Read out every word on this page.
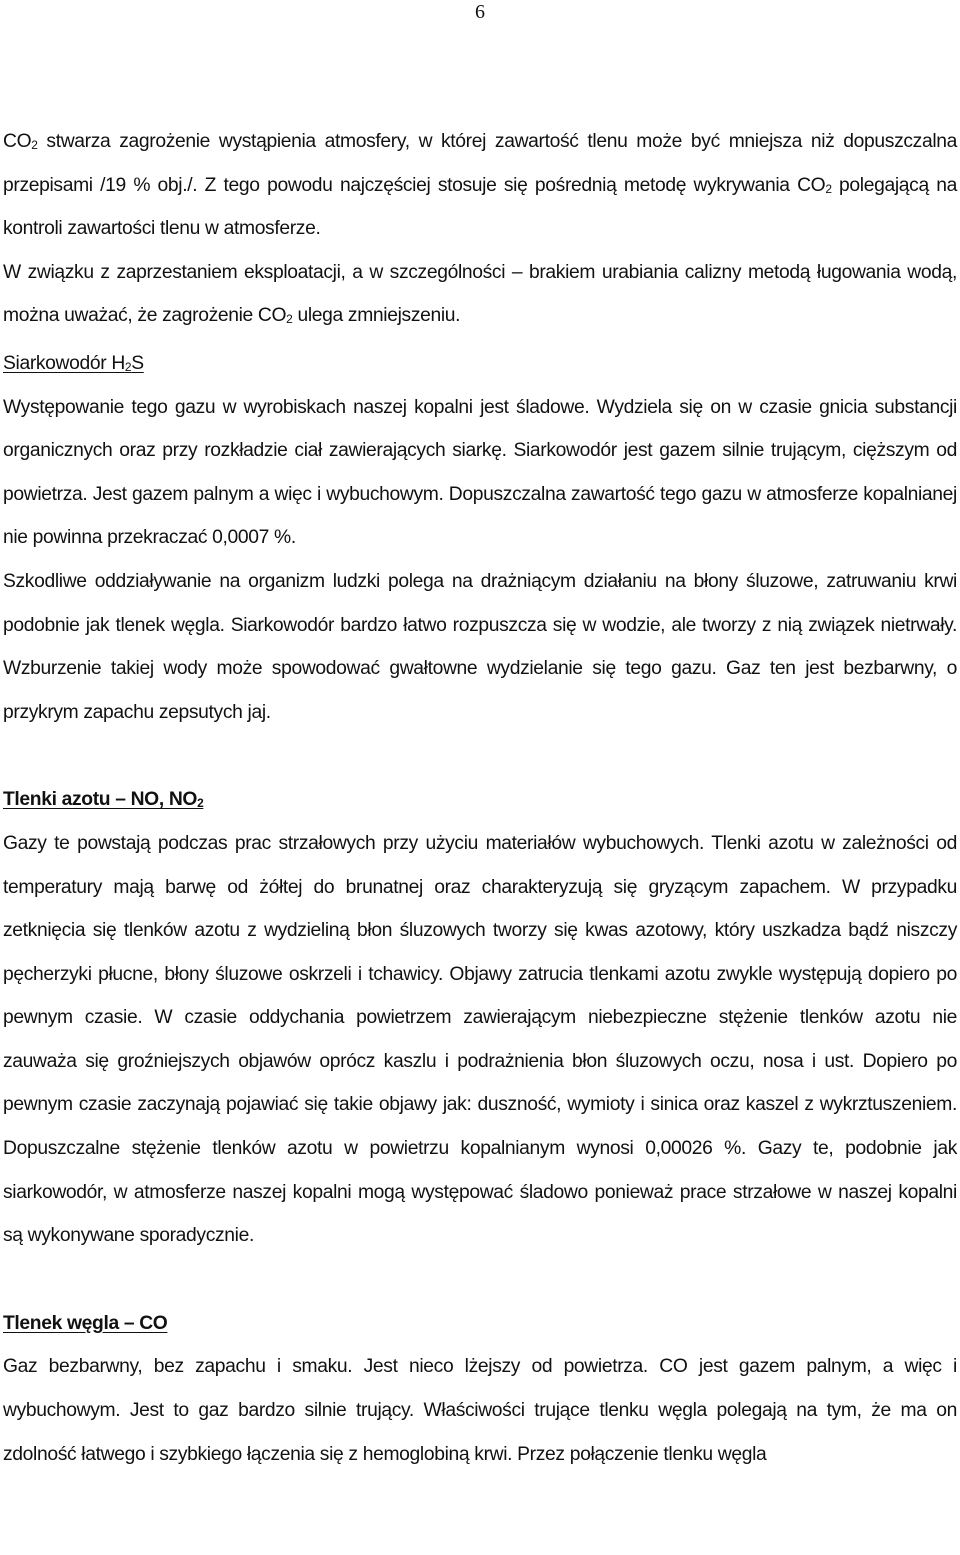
6

$CO_2$ stwarza zagrożenie wystąpienia atmosfery, w której zawartość tlenu może być mniejsza niż dopuszczalna przepisami /19 % obj./. Z tego powodu najczęściej stosuje się pośrednią metodę wykrywania $CO_2$ polegającą na kontroli zawartości tlenu w atmosferze.

W związku z zaprzestaniem eksploatacji, a w szczególności – brakiem urabiania calizny metodą ługowania wodą, można uważać, że zagrożenie $CO_2$ ulega zmniejszeniu.

Siarkowodór $H_2S$

Występowanie tego gazu w wyrobiskach naszej kopalni jest śladowe. Wydziela się on w czasie gnicia substancji organicznych oraz przy rozkładzie ciał zawierających siarkę. Siarkowodór jest gazem silnie trującym, cięższym od powietrza. Jest gazem palnym a więc i wybuchowym. Dopuszczalna zawartość tego gazu w atmosferze kopalnianej nie powinna przekraczać 0,0007 %.

Szkodliwe oddziaływanie na organizm ludzki polega na drażniącym działaniu na błony śluzowe, zatruwaniu krwi podobnie jak tlenek węgla. Siarkowodór bardzo łatwo rozpuszcza się w wodzie, ale tworzy z nią związek nietrwały. Wzburzenie takiej wody może spowodować gwałtowne wydzielanie się tego gazu. Gaz ten jest bezbarwny, o przykrym zapachu zepsutych jaj.

Tlenki azotu – NO, $NO_2$

Gazy te powstają podczas prac strzałowych przy użyciu materiałów wybuchowych. Tlenki azotu w zależności od temperatury mają barwę od żółtej do brunatnej oraz charakteryzują się gryzącym zapachem. W przypadku zetknięcia się tlenków azotu z wydzieliną błon śluzowych tworzy się kwas azotowy, który uszkadza bądź niszczy pęcherzyki płucne, błony śluzowe oskrzeli i tchawicy. Objawy zatrucia tlenkami azotu zwykle występują dopiero po pewnym czasie. W czasie oddychania powietrzem zawierającym niebezpieczne stężenie tlenków azotu nie zauważa się groźniejszych objawów oprócz kaszlu i podrażnienia błon śluzowych oczu, nosa i ust. Dopiero po pewnym czasie zaczynają pojawiać się takie objawy jak: duszność, wymioty i sinica oraz kaszel z wykrztuszeniem. Dopuszczalne stężenie tlenków azotu w powietrzu kopalnianym wynosi 0,00026 %. Gazy te, podobnie jak siarkowodór, w atmosferze naszej kopalni mogą występować śladowo ponieważ prace strzałowe w naszej kopalni są wykonywane sporadycznie.

Tlenek węgla – CO

Gaz bezbarwny, bez zapachu i smaku. Jest nieco lżejszy od powietrza. CO jest gazem palnym, a więc i wybuchowym. Jest to gaz bardzo silnie trujący. Właściwości trujące tlenku węgla polegają na tym, że ma on zdolność łatwego i szybkiego łączenia się z hemoglobiną krwi. Przez połączenie tlenku węgla
